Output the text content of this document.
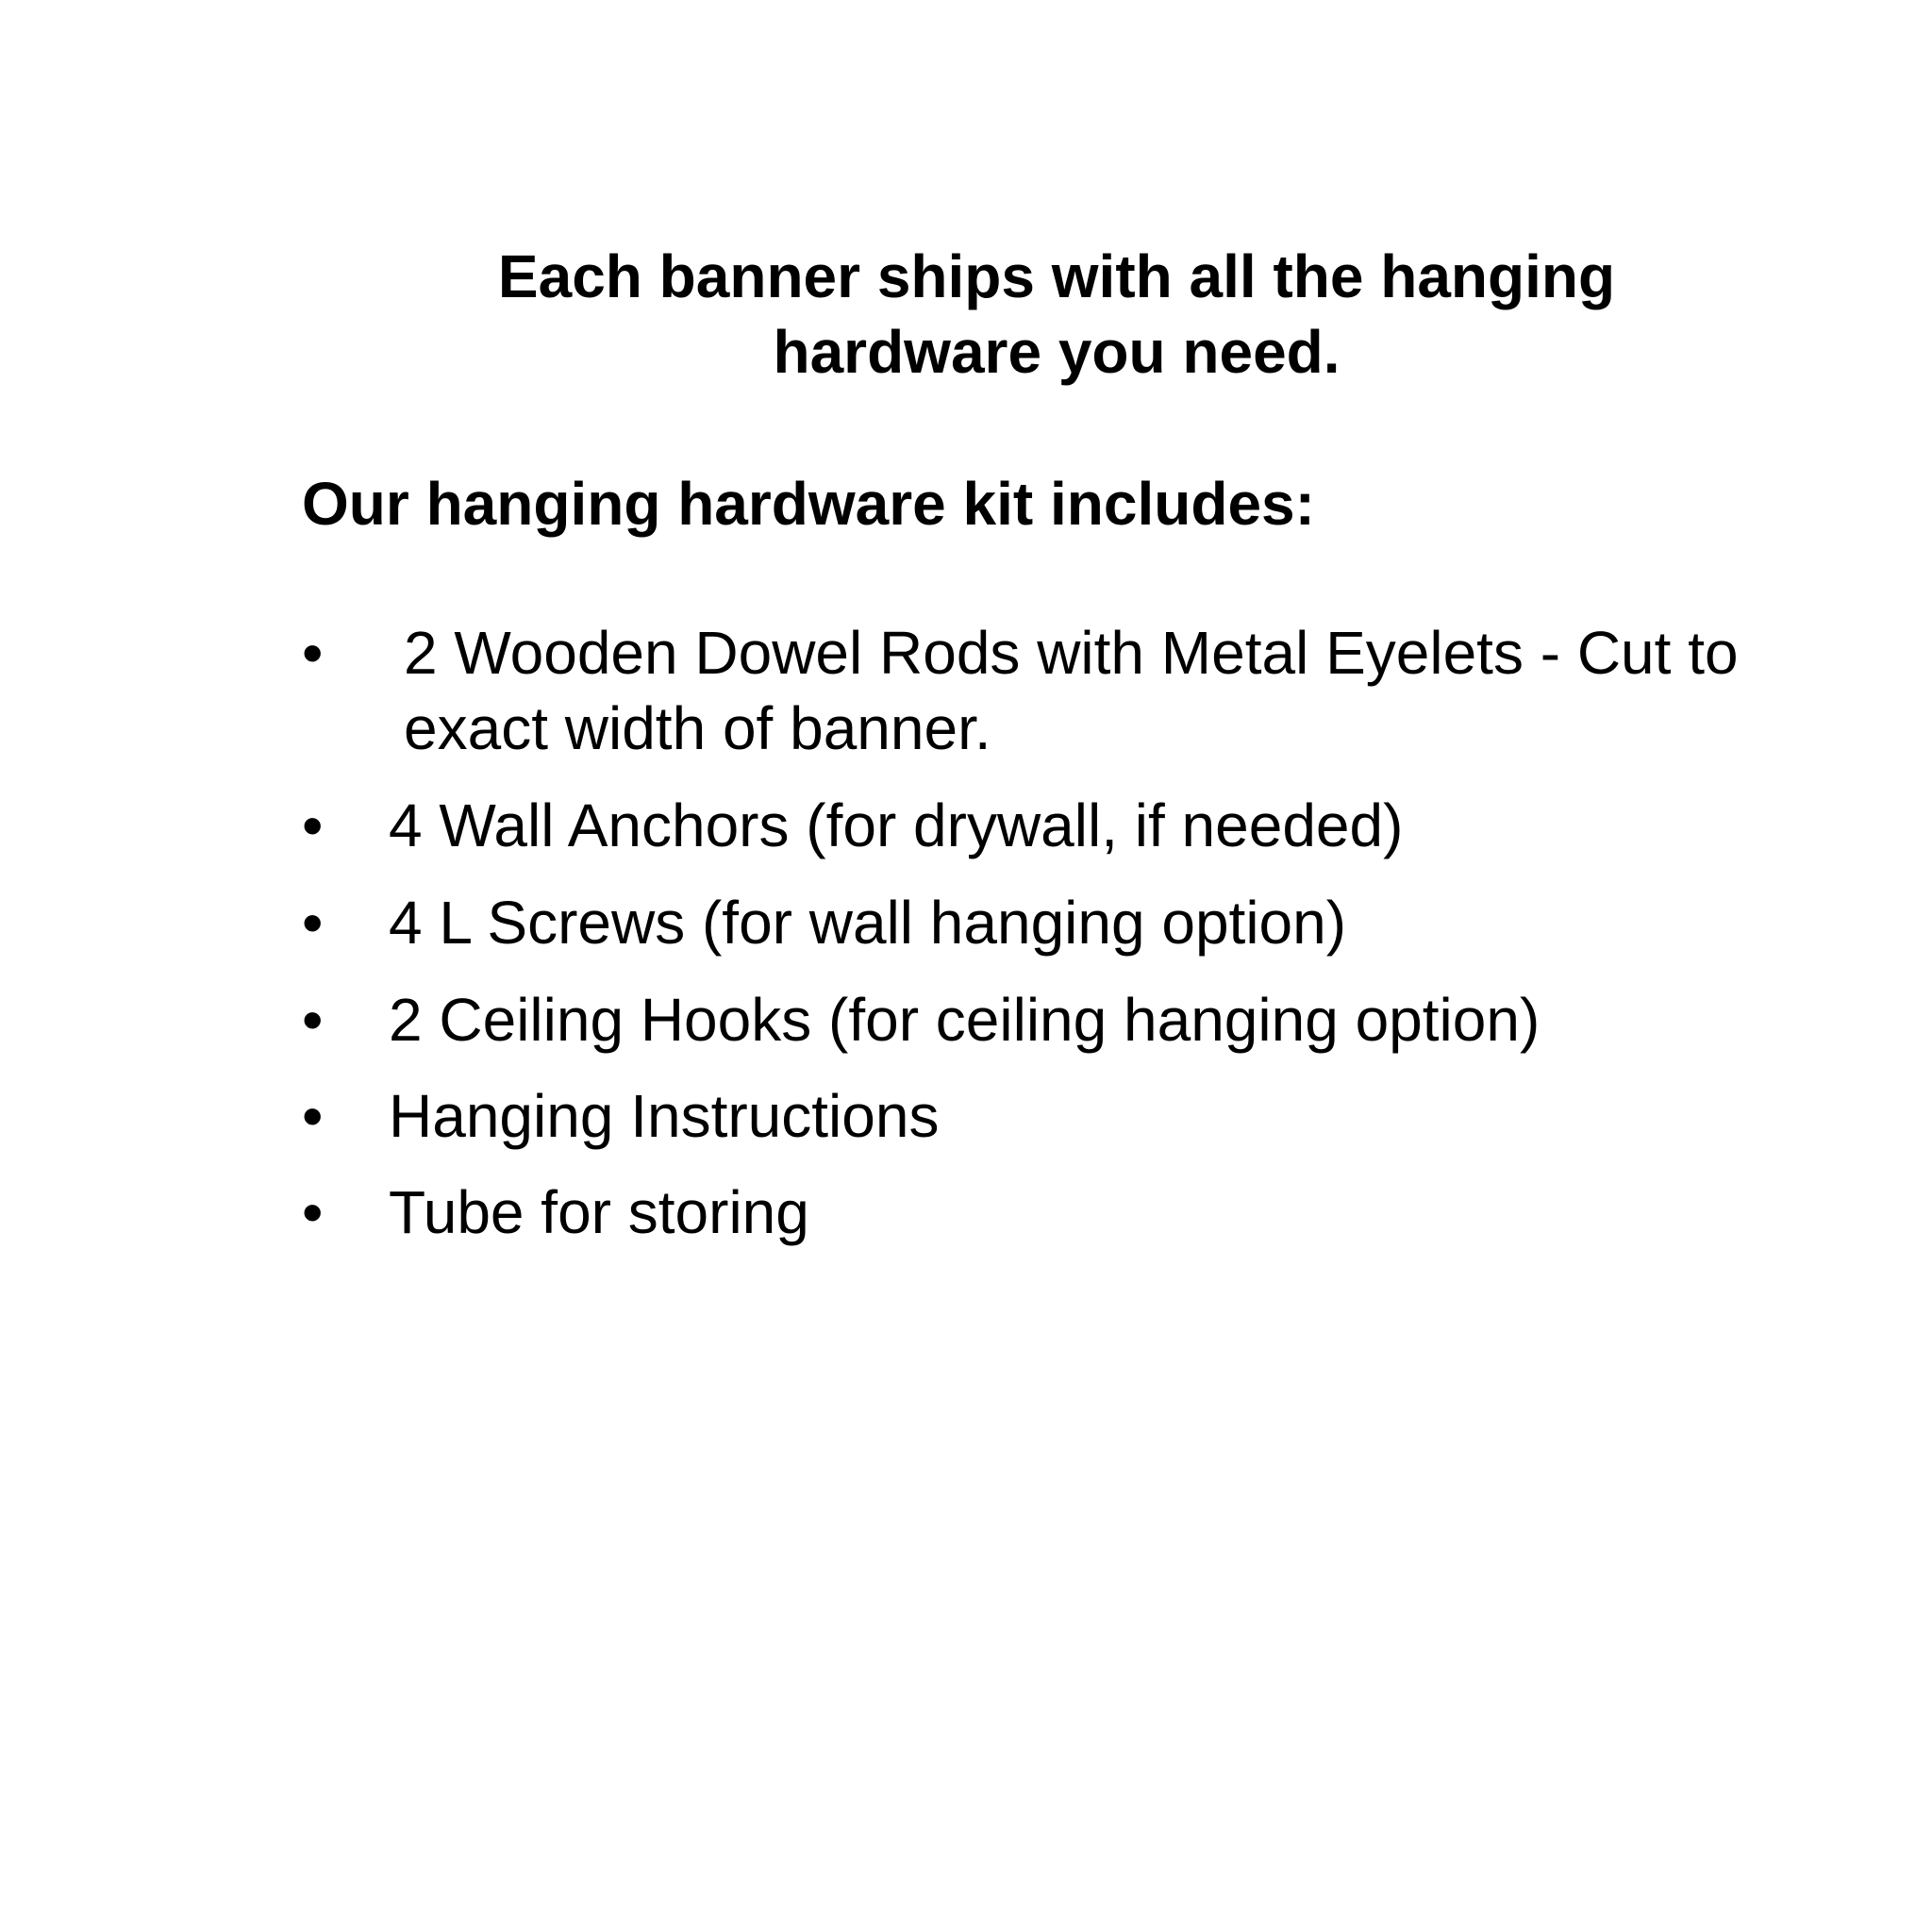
Each banner ships with all the hanging hardware you need.

Our hanging hardware kit includes:

•	2 Wooden Dowel Rods with Metal Eyelets - Cut to exact width of banner.
•	4 Wall Anchors (for drywall, if needed)
•	4 L Screws (for wall hanging option)
•	2 Ceiling Hooks (for ceiling hanging option)
•	Hanging Instructions
•	Tube for storing
